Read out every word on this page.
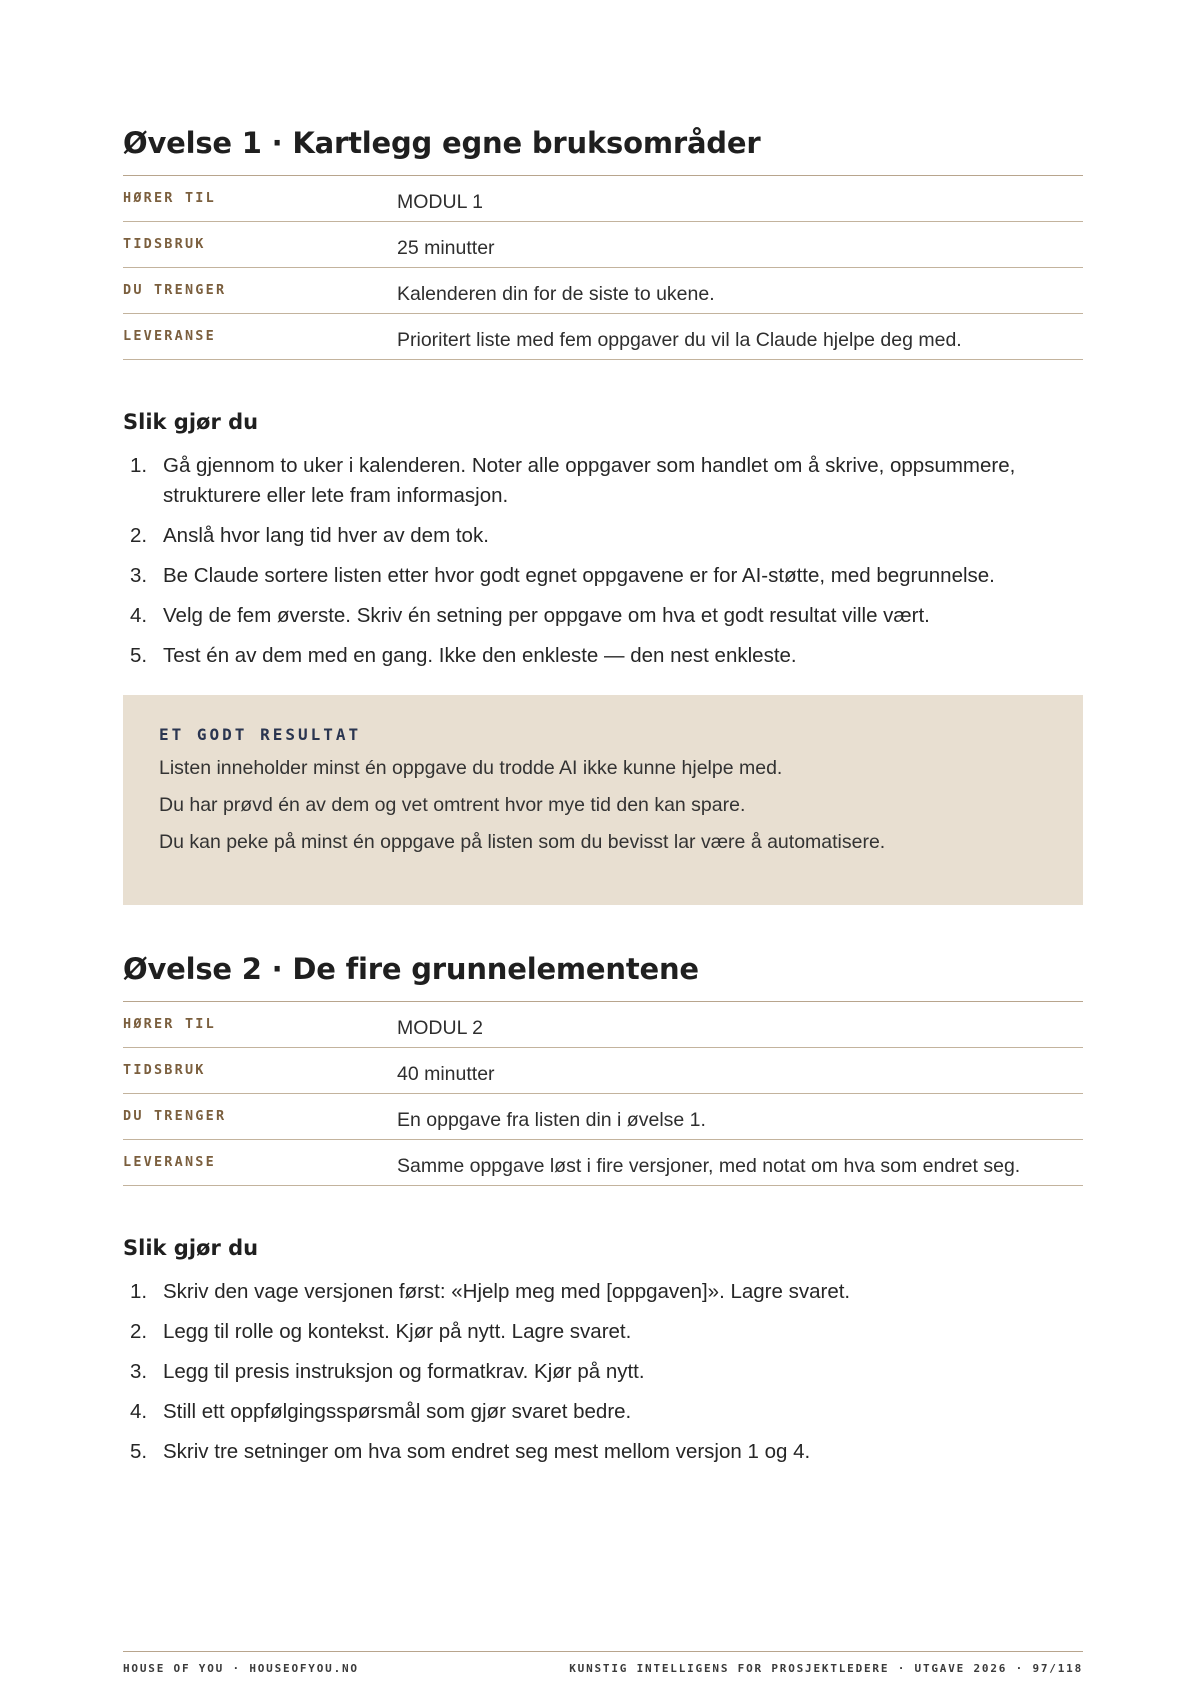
Øvelse 1 · Kartlegg egne bruksområder
HØRER TIL	MODUL 1
TIDSBRUK	25 minutter
DU TRENGER	Kalenderen din for de siste to ukene.
LEVERANSE	Prioritert liste med fem oppgaver du vil la Claude hjelpe deg med.
Slik gjør du
1. Gå gjennom to uker i kalenderen. Noter alle oppgaver som handlet om å skrive, oppsummere, strukturere eller lete fram informasjon.
2. Anslå hvor lang tid hver av dem tok.
3. Be Claude sortere listen etter hvor godt egnet oppgavene er for AI-støtte, med begrunnelse.
4. Velg de fem øverste. Skriv én setning per oppgave om hva et godt resultat ville vært.
5. Test én av dem med en gang. Ikke den enkleste — den nest enkleste.
ET GODT RESULTAT
Listen inneholder minst én oppgave du trodde AI ikke kunne hjelpe med.
Du har prøvd én av dem og vet omtrent hvor mye tid den kan spare.
Du kan peke på minst én oppgave på listen som du bevisst lar være å automatisere.
Øvelse 2 · De fire grunnelementene
HØRER TIL	MODUL 2
TIDSBRUK	40 minutter
DU TRENGER	En oppgave fra listen din i øvelse 1.
LEVERANSE	Samme oppgave løst i fire versjoner, med notat om hva som endret seg.
Slik gjør du
1. Skriv den vage versjonen først: «Hjelp meg med [oppgaven]». Lagre svaret.
2. Legg til rolle og kontekst. Kjør på nytt. Lagre svaret.
3. Legg til presis instruksjon og formatkrav. Kjør på nytt.
4. Still ett oppfølgingsspørsmål som gjør svaret bedre.
5. Skriv tre setninger om hva som endret seg mest mellom versjon 1 og 4.
HOUSE OF YOU · HOUSEOFYOU.NO	KUNSTIG INTELLIGENS FOR PROSJEKTLEDERE · UTGAVE 2026 · 97/118
